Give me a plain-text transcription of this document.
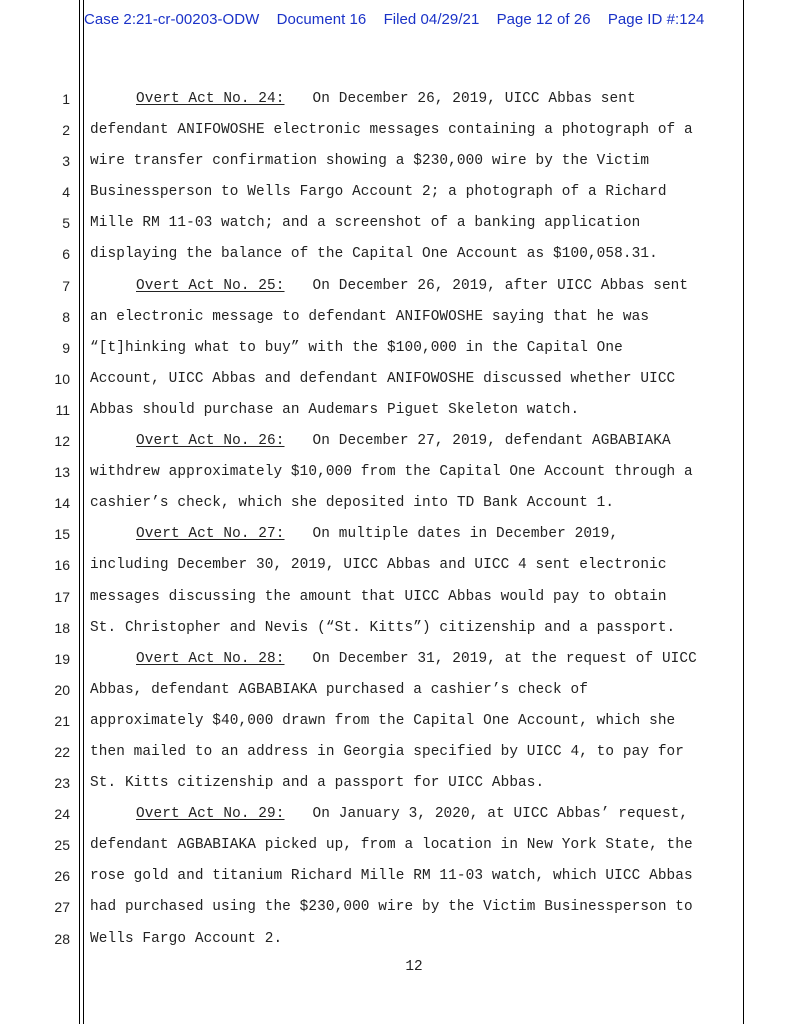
Case 2:21-cr-00203-ODW Document 16 Filed 04/29/21 Page 12 of 26 Page ID #:124
1
2
3
4
5
6
7
8
9
10
11
12
13
14
15
16
17
18
19
20
21
22
23
24
25
26
27
28
Overt Act No. 24: On December 26, 2019, UICC Abbas sent
defendant ANIFOWOSHE electronic messages containing a photograph of a
wire transfer confirmation showing a $230,000 wire by the Victim
Businessperson to Wells Fargo Account 2; a photograph of a Richard
Mille RM 11-03 watch; and a screenshot of a banking application
displaying the balance of the Capital One Account as $100,058.31.
Overt Act No. 25: On December 26, 2019, after UICC Abbas sent
an electronic message to defendant ANIFOWOSHE saying that he was
“[t]hinking what to buy” with the $100,000 in the Capital One
Account, UICC Abbas and defendant ANIFOWOSHE discussed whether UICC
Abbas should purchase an Audemars Piguet Skeleton watch.
Overt Act No. 26: On December 27, 2019, defendant AGBABIAKA
withdrew approximately $10,000 from the Capital One Account through a
cashier’s check, which she deposited into TD Bank Account 1.
Overt Act No. 27: On multiple dates in December 2019,
including December 30, 2019, UICC Abbas and UICC 4 sent electronic
messages discussing the amount that UICC Abbas would pay to obtain
St. Christopher and Nevis (“St. Kitts”) citizenship and a passport.
Overt Act No. 28: On December 31, 2019, at the request of UICC
Abbas, defendant AGBABIAKA purchased a cashier’s check of
approximately $40,000 drawn from the Capital One Account, which she
then mailed to an address in Georgia specified by UICC 4, to pay for
St. Kitts citizenship and a passport for UICC Abbas.
Overt Act No. 29: On January 3, 2020, at UICC Abbas’ request,
defendant AGBABIAKA picked up, from a location in New York State, the
rose gold and titanium Richard Mille RM 11-03 watch, which UICC Abbas
had purchased using the $230,000 wire by the Victim Businessperson to
Wells Fargo Account 2.
12
